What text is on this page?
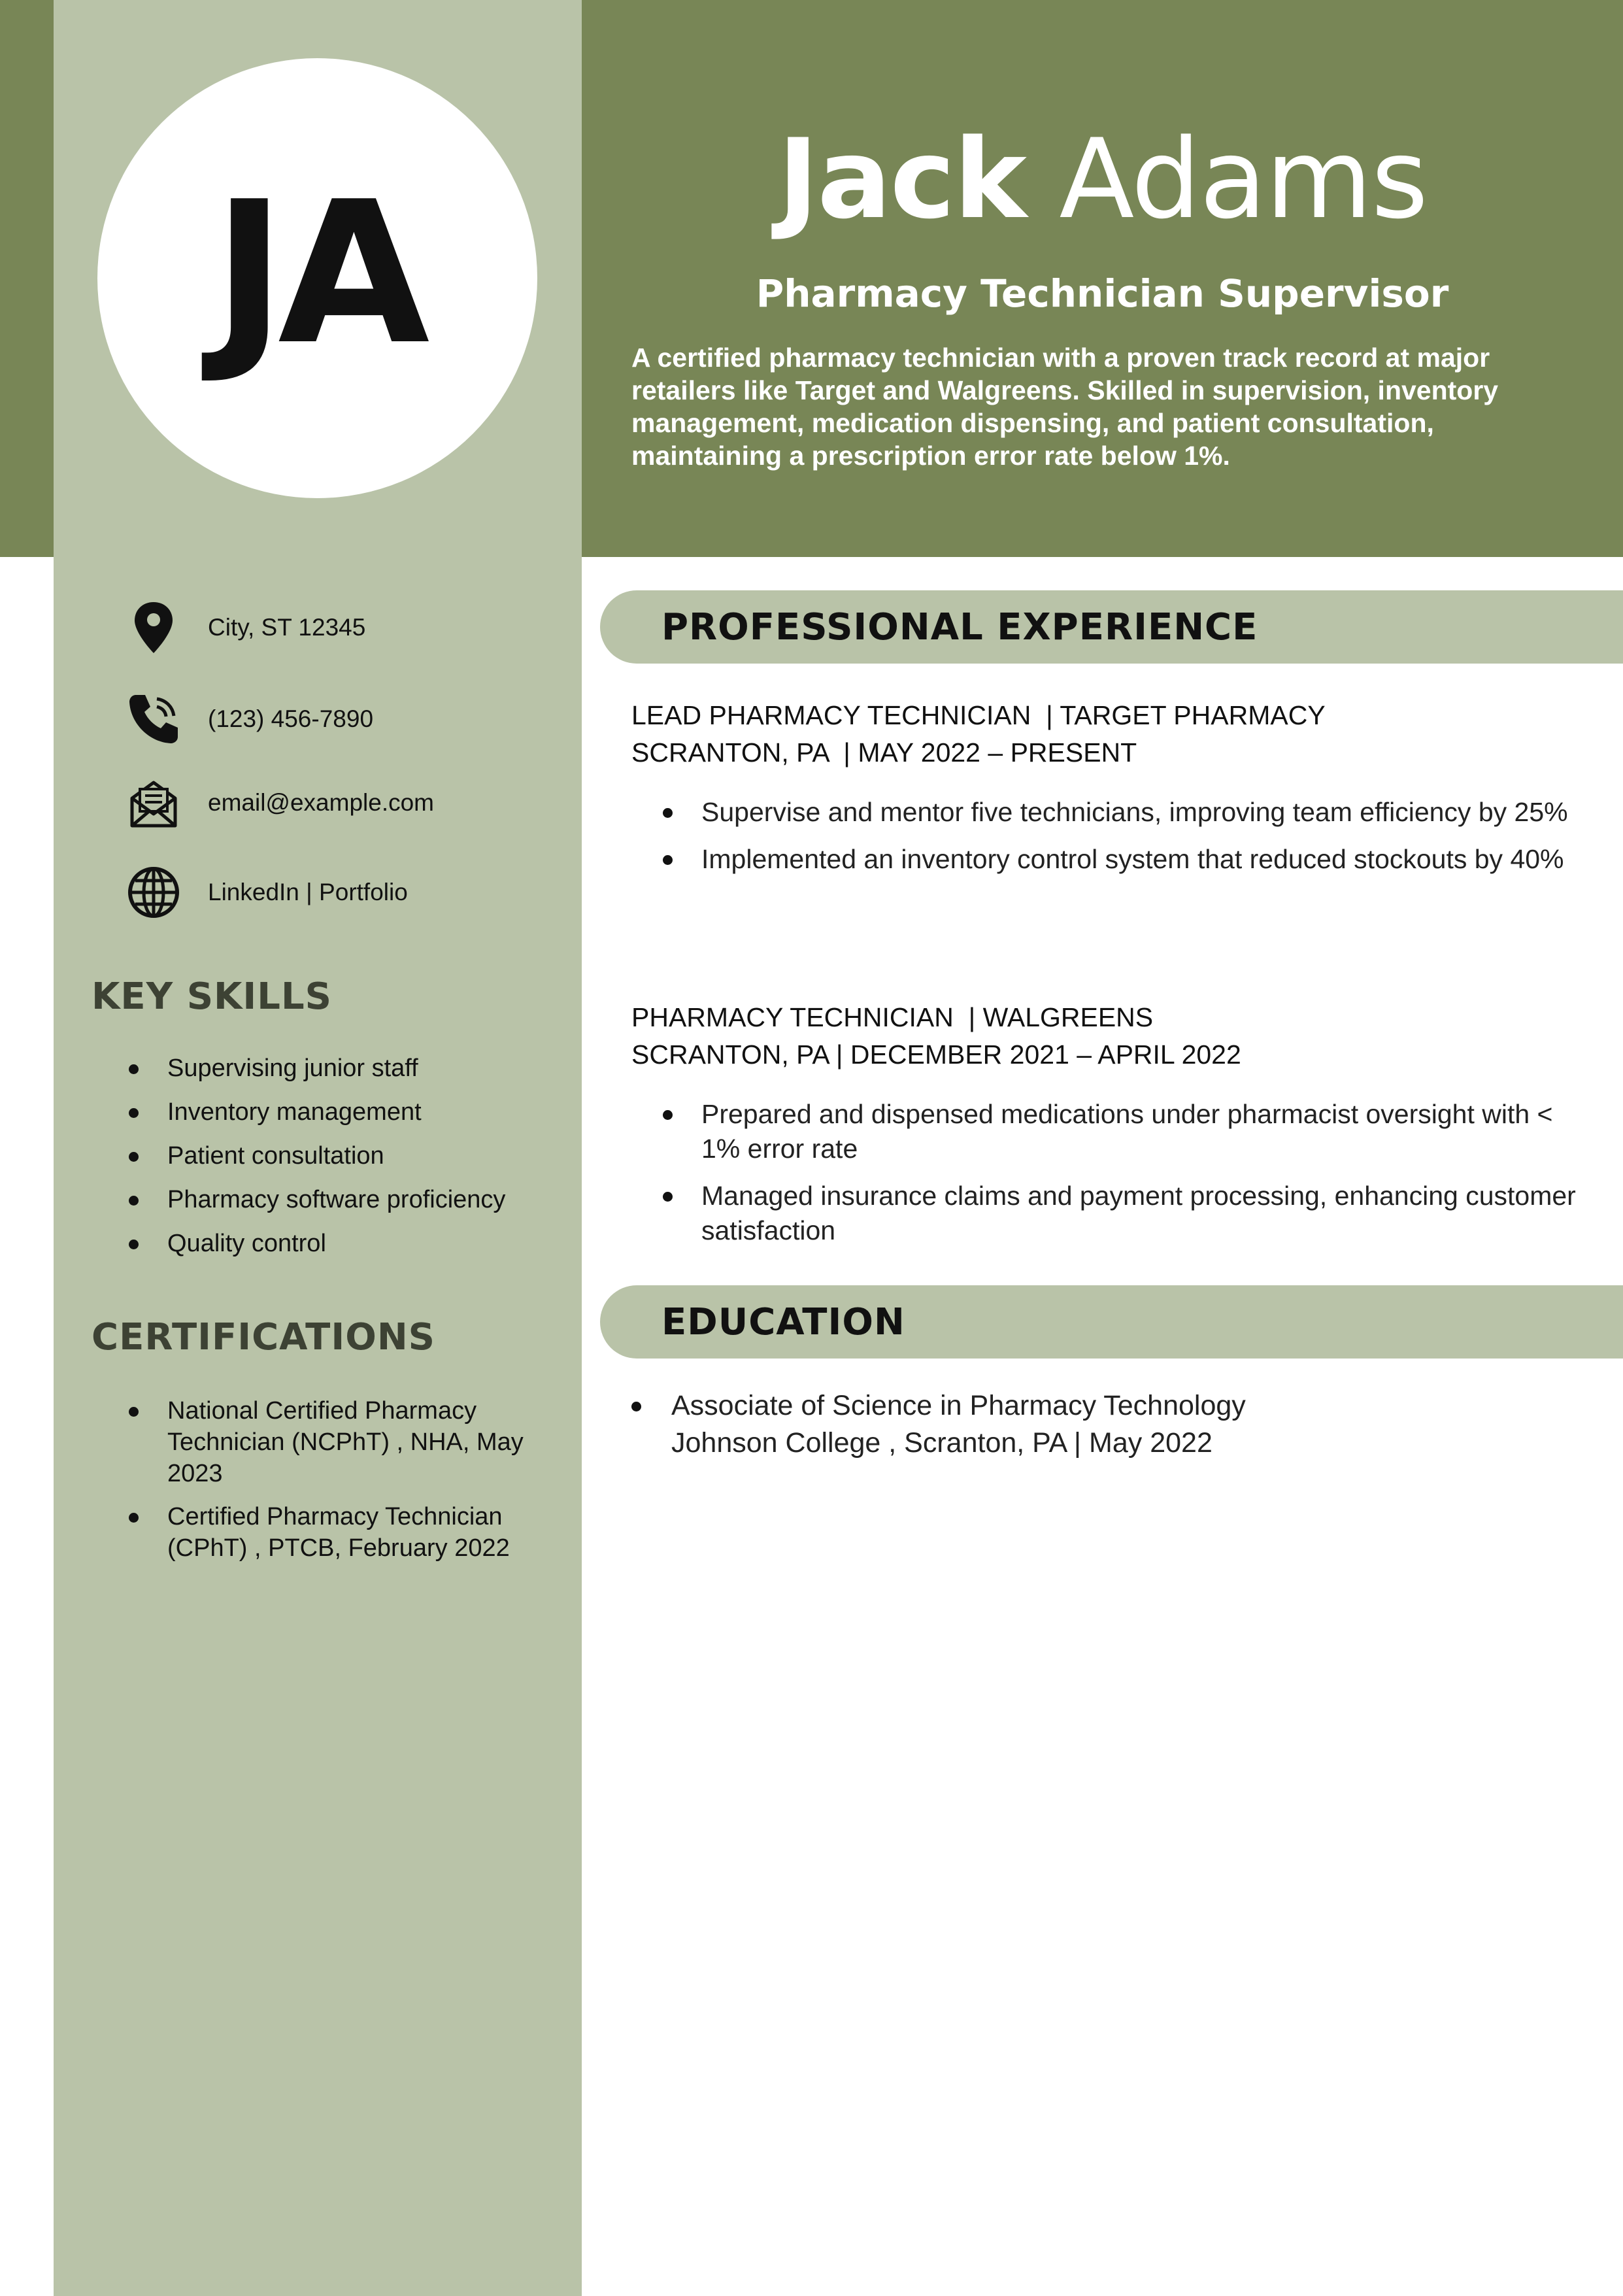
JA	Jack Adams
Pharmacy Technician Supervisor
A certified pharmacy technician with a proven track record at major retailers like Target and Walgreens. Skilled in supervision, inventory management, medication dispensing, and patient consultation, maintaining a prescription error rate below 1%.
City, ST 12345
(123) 456-7890
email@example.com
LinkedIn | Portfolio
KEY SKILLS
Supervising junior staff
Inventory management
Patient consultation
Pharmacy software proficiency
Quality control
CERTIFICATIONS
National Certified Pharmacy Technician (NCPhT) , NHA, May 2023
Certified Pharmacy Technician (CPhT) , PTCB, February 2022
PROFESSIONAL EXPERIENCE
LEAD PHARMACY TECHNICIAN  | TARGET PHARMACY
SCRANTON, PA  | MAY 2022 – PRESENT
Supervise and mentor five technicians, improving team efficiency by 25%
Implemented an inventory control system that reduced stockouts by 40%
PHARMACY TECHNICIAN  | WALGREENS
SCRANTON, PA | DECEMBER 2021 – APRIL 2022
Prepared and dispensed medications under pharmacist oversight with < 1% error rate
Managed insurance claims and payment processing, enhancing customer satisfaction
EDUCATION
Associate of Science in Pharmacy Technology
Johnson College , Scranton, PA | May 2022
